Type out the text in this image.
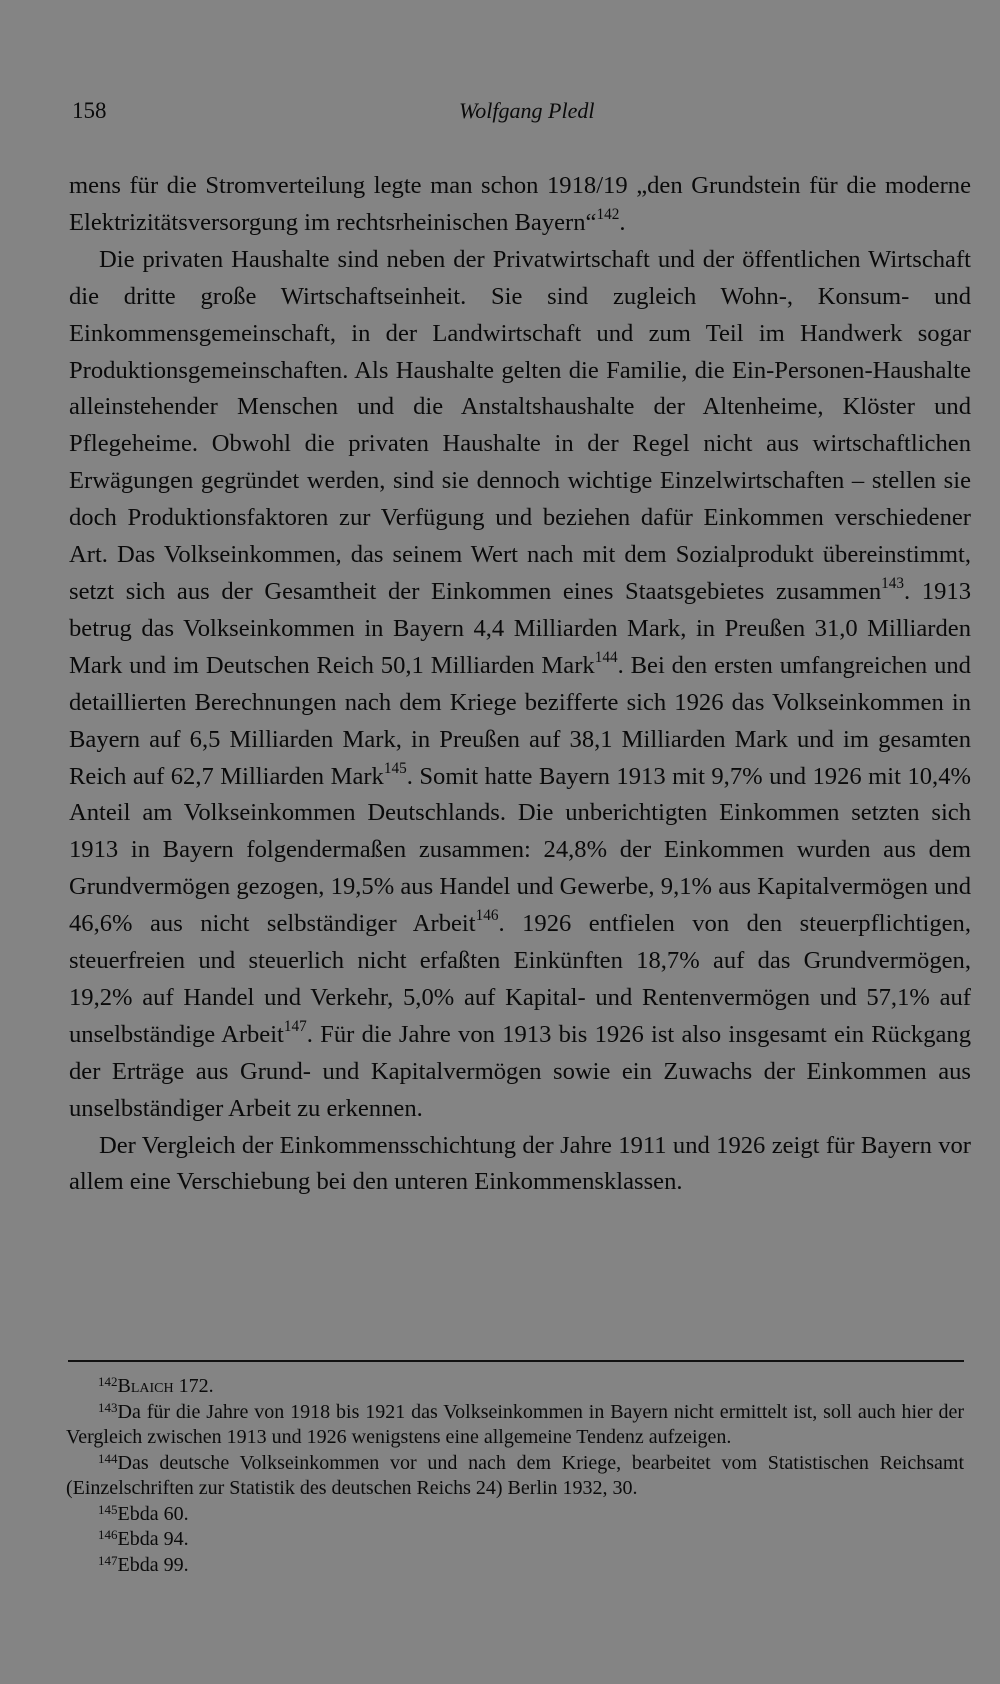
158	Wolfgang Pledl

mens für die Stromverteilung legte man schon 1918/19 „den Grundstein für die moderne Elektrizitätsversorgung im rechtsrheinischen Bayern“$^{142}$.

Die privaten Haushalte sind neben der Privatwirtschaft und der öffentlichen Wirtschaft die dritte große Wirtschaftseinheit. Sie sind zugleich Wohn-, Konsum- und Einkommensgemeinschaft, in der Landwirtschaft und zum Teil im Handwerk sogar Produktionsgemeinschaften. Als Haushalte gelten die Familie, die Ein-Personen-Haushalte alleinstehender Menschen und die Anstaltshaushalte der Altenheime, Klöster und Pflegeheime. Obwohl die privaten Haushalte in der Regel nicht aus wirtschaftlichen Erwägungen gegründet werden, sind sie dennoch wichtige Einzelwirtschaften – stellen sie doch Produktionsfaktoren zur Verfügung und beziehen dafür Einkommen verschiedener Art. Das Volkseinkommen, das seinem Wert nach mit dem Sozialprodukt übereinstimmt, setzt sich aus der Gesamtheit der Einkommen eines Staatsgebietes zusammen$^{143}$. 1913 betrug das Volkseinkommen in Bayern 4,4 Milliarden Mark, in Preußen 31,0 Milliarden Mark und im Deutschen Reich 50,1 Milliarden Mark$^{144}$. Bei den ersten umfangreichen und detaillierten Berechnungen nach dem Kriege bezifferte sich 1926 das Volkseinkommen in Bayern auf 6,5 Milliarden Mark, in Preußen auf 38,1 Milliarden Mark und im gesamten Reich auf 62,7 Milliarden Mark$^{145}$. Somit hatte Bayern 1913 mit 9,7% und 1926 mit 10,4% Anteil am Volkseinkommen Deutschlands. Die unberichtigten Einkommen setzten sich 1913 in Bayern folgendermaßen zusammen: 24,8% der Einkommen wurden aus dem Grundvermögen gezogen, 19,5% aus Handel und Gewerbe, 9,1% aus Kapitalvermögen und 46,6% aus nicht selbständiger Arbeit$^{146}$. 1926 entfielen von den steuerpflichtigen, steuerfreien und steuerlich nicht erfaßten Einkünften 18,7% auf das Grundvermögen, 19,2% auf Handel und Verkehr, 5,0% auf Kapital- und Rentenvermögen und 57,1% auf unselbständige Arbeit$^{147}$. Für die Jahre von 1913 bis 1926 ist also insgesamt ein Rückgang der Erträge aus Grund- und Kapitalvermögen sowie ein Zuwachs der Einkommen aus unselbständiger Arbeit zu erkennen.

Der Vergleich der Einkommensschichtung der Jahre 1911 und 1926 zeigt für Bayern vor allem eine Verschiebung bei den unteren Einkommensklassen.

142Blaich 172.

143Da für die Jahre von 1918 bis 1921 das Volkseinkommen in Bayern nicht ermittelt ist, soll auch hier der Vergleich zwischen 1913 und 1926 wenigstens eine allgemeine Tendenz aufzeigen.

144Das deutsche Volkseinkommen vor und nach dem Kriege, bearbeitet vom Statistischen Reichsamt (Einzelschriften zur Statistik des deutschen Reichs 24) Berlin 1932, 30.

145Ebda 60.

146Ebda 94.

147Ebda 99.
